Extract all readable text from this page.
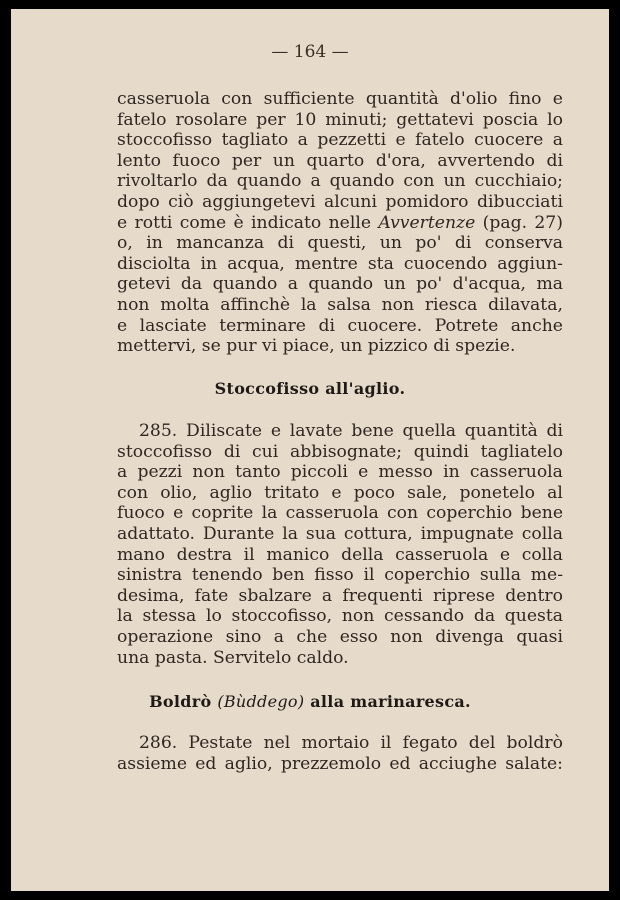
— 164 —
casseruola con sufficiente quantità d'olio fino e
fatelo rosolare per 10 minuti; gettatevi poscia lo
stoccofisso tagliato a pezzetti e fatelo cuocere a
lento fuoco per un quarto d'ora, avvertendo di
rivoltarlo da quando a quando con un cucchiaio;
dopo ciò aggiungetevi alcuni pomidoro dibucciati
e rotti come è indicato nelle Avvertenze (pag. 27)
o, in mancanza di questi, un po' di conserva
disciolta in acqua, mentre sta cuocendo aggiun-
getevi da quando a quando un po' d'acqua, ma
non molta affinchè la salsa non riesca dilavata,
e lasciate terminare di cuocere. Potrete anche
mettervi, se pur vi piace, un pizzico di spezie.
Stoccofisso all'aglio.
285. Diliscate e lavate bene quella quantità di
stoccofisso di cui abbisognate; quindi tagliatelo
a pezzi non tanto piccoli e messo in casseruola
con olio, aglio tritato e poco sale, ponetelo al
fuoco e coprite la casseruola con coperchio bene
adattato. Durante la sua cottura, impugnate colla
mano destra il manico della casseruola e colla
sinistra tenendo ben fisso il coperchio sulla me-
desima, fate sbalzare a frequenti riprese dentro
la stessa lo stoccofisso, non cessando da questa
operazione sino a che esso non divenga quasi
una pasta. Servitelo caldo.
Boldrò (Bùddego) alla marinaresca.
286. Pestate nel mortaio il fegato del boldrò
assieme ed aglio, prezzemolo ed acciughe salate:
